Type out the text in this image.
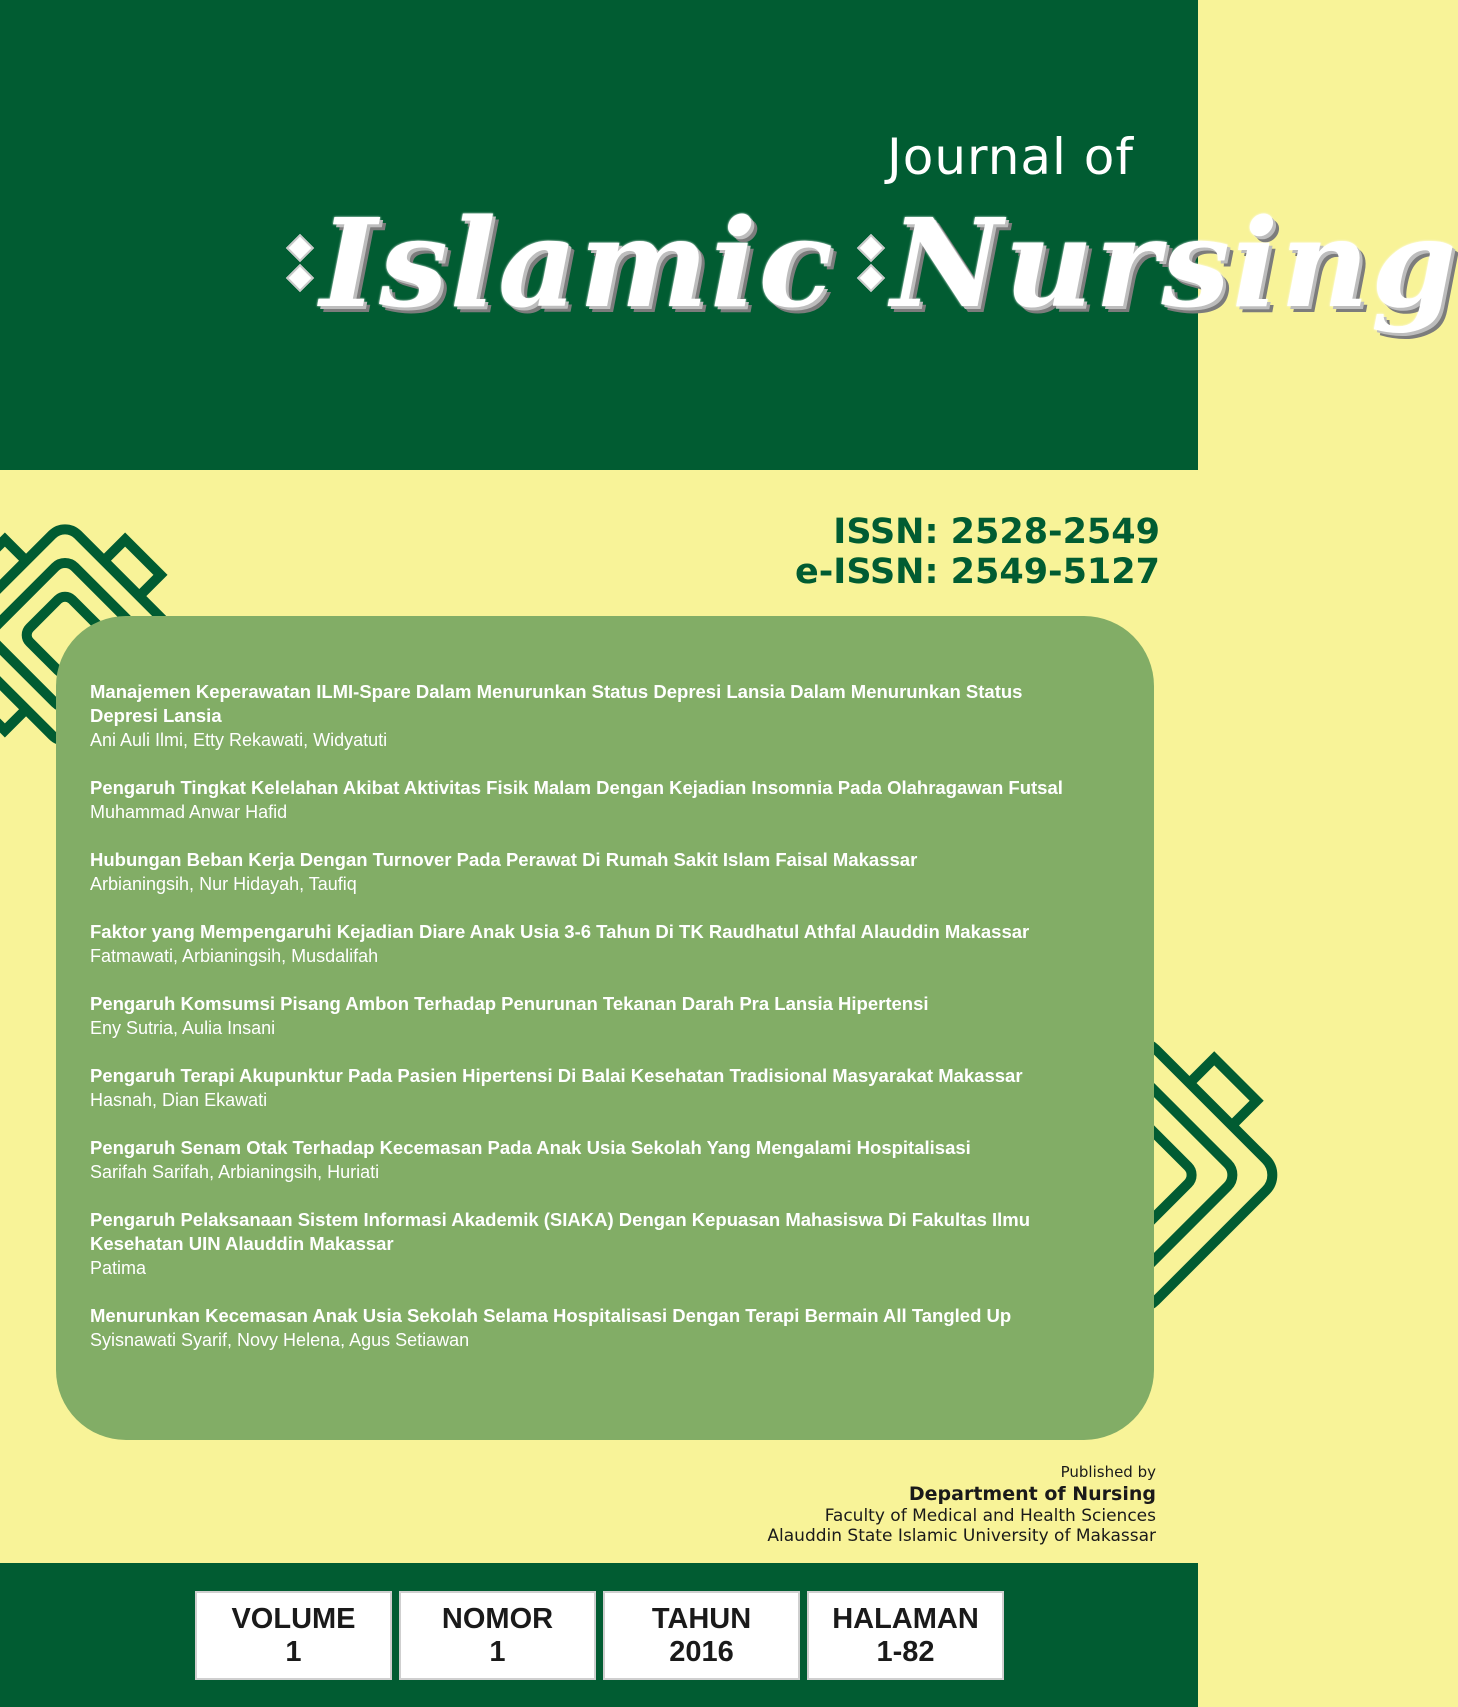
Journal of
Islamic Nursing
ISSN: 2528-2549
e-ISSN: 2549-5127
Manajemen Keperawatan ILMI-Spare Dalam Menurunkan Status Depresi Lansia Dalam Menurunkan Status Depresi Lansia
Ani Auli Ilmi, Etty Rekawati, Widyatuti
Pengaruh Tingkat Kelelahan Akibat Aktivitas Fisik Malam Dengan Kejadian Insomnia Pada Olahragawan Futsal
Muhammad Anwar Hafid
Hubungan Beban Kerja Dengan Turnover Pada Perawat Di Rumah Sakit Islam Faisal Makassar
Arbianingsih, Nur Hidayah, Taufiq
Faktor yang Mempengaruhi Kejadian Diare Anak Usia 3-6 Tahun Di TK Raudhatul Athfal Alauddin Makassar
Fatmawati, Arbianingsih, Musdalifah
Pengaruh Komsumsi Pisang Ambon Terhadap Penurunan Tekanan Darah Pra Lansia Hipertensi
Eny Sutria, Aulia Insani
Pengaruh Terapi Akupunktur Pada Pasien Hipertensi Di Balai Kesehatan Tradisional Masyarakat Makassar
Hasnah, Dian Ekawati
Pengaruh Senam Otak Terhadap Kecemasan Pada Anak Usia Sekolah Yang Mengalami Hospitalisasi
Sarifah Sarifah, Arbianingsih, Huriati
Pengaruh Pelaksanaan Sistem Informasi Akademik (SIAKA) Dengan Kepuasan Mahasiswa Di Fakultas Ilmu Kesehatan UIN Alauddin Makassar
Patima
Menurunkan Kecemasan Anak Usia Sekolah Selama Hospitalisasi Dengan Terapi Bermain All Tangled Up
Syisnawati Syarif, Novy Helena, Agus Setiawan
Published by
Department of Nursing
Faculty of Medical and Health Sciences
Alauddin State Islamic University of Makassar
VOLUME
1
NOMOR
1
TAHUN
2016
HALAMAN
1-82
